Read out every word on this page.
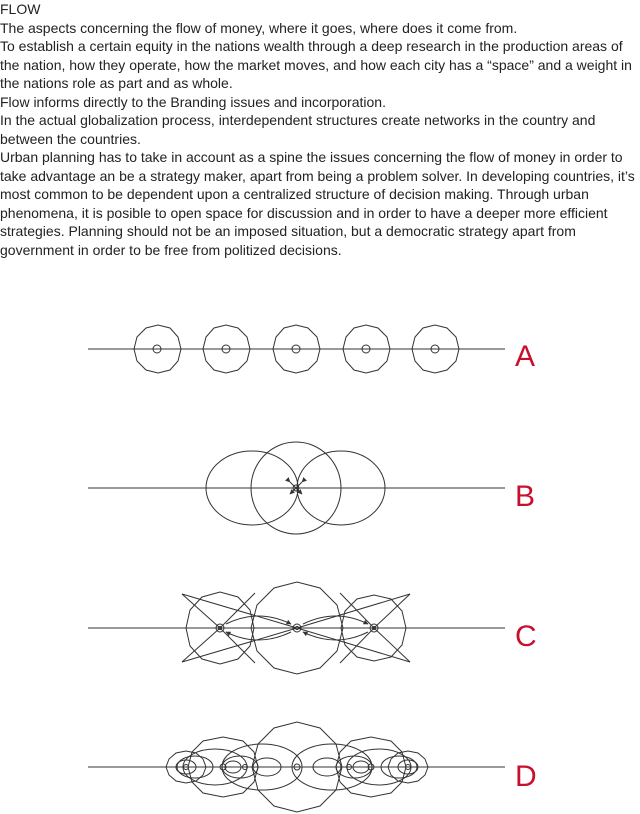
FLOW

The aspects concerning the flow of money, where it goes, where does it come from.

To establish a certain equity in the nations wealth through a deep research in the production areas of the nation, how they operate, how the market moves, and how each city has a “space” and a weight in the nations role as part and as whole.

Flow informs directly to the Branding issues and incorporation.

In the actual globalization process, interdependent structures create networks in the country and between the countries.

Urban planning has to take in account as a spine the issues concerning the flow of money in order to take advantage an be a strategy maker, apart from being a problem solver. In developing countries, it’s most common to be dependent upon a centralized structure of decision making. Through urban phenomena, it is posible to open space for discussion and in order to have a deeper more efficient strategies. Planning should not be an imposed situation, but a democratic strategy apart from government in order to be free from politized decisions.

A
B
C
D
